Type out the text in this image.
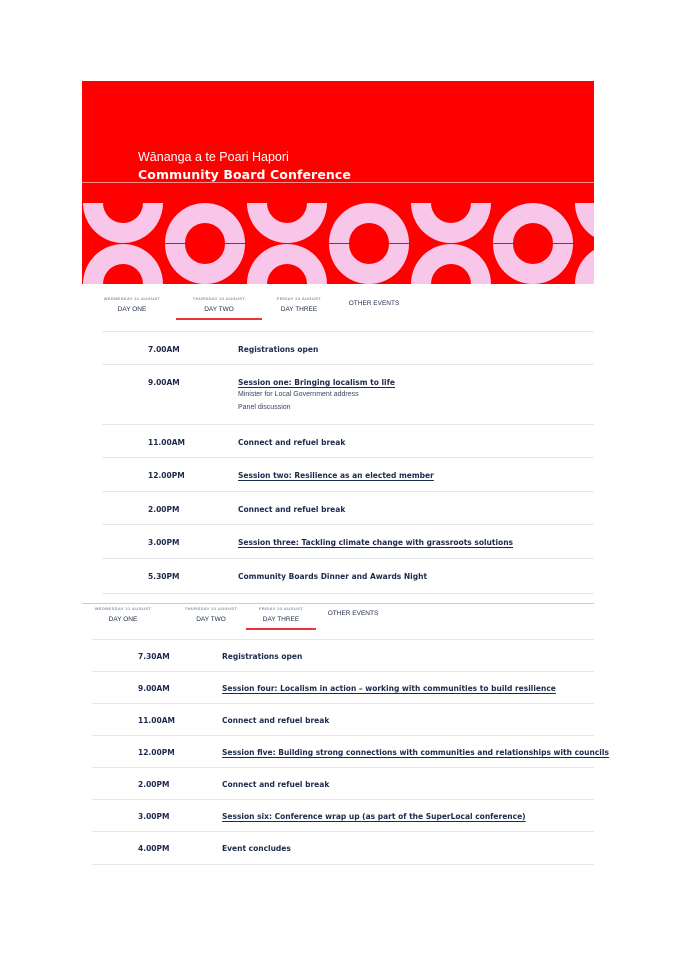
Wānanga a te Poari Hapori
Community Board Conference
WEDNESDAY 21 AUGUST
DAY ONE
THURSDAY 22 AUGUST
DAY TWO
FRIDAY 23 AUGUST
DAY THREE
OTHER EVENTS
7.00AM	Registrations open
9.00AM	Session one: Bringing localism to life
Minister for Local Government address
Panel discussion
11.00AM	Connect and refuel break
12.00PM	Session two: Resilience as an elected member
2.00PM	Connect and refuel break
3.00PM	Session three: Tackling climate change with grassroots solutions
5.30PM	Community Boards Dinner and Awards Night
WEDNESDAY 21 AUGUST
DAY ONE
THURSDAY 22 AUGUST
DAY TWO
FRIDAY 23 AUGUST
DAY THREE
OTHER EVENTS
7.30AM	Registrations open
9.00AM	Session four: Localism in action – working with communities to build resilience
11.00AM	Connect and refuel break
12.00PM	Session five: Building strong connections with communities and relationships with councils
2.00PM	Connect and refuel break
3.00PM	Session six: Conference wrap up (as part of the SuperLocal conference)
4.00PM	Event concludes
